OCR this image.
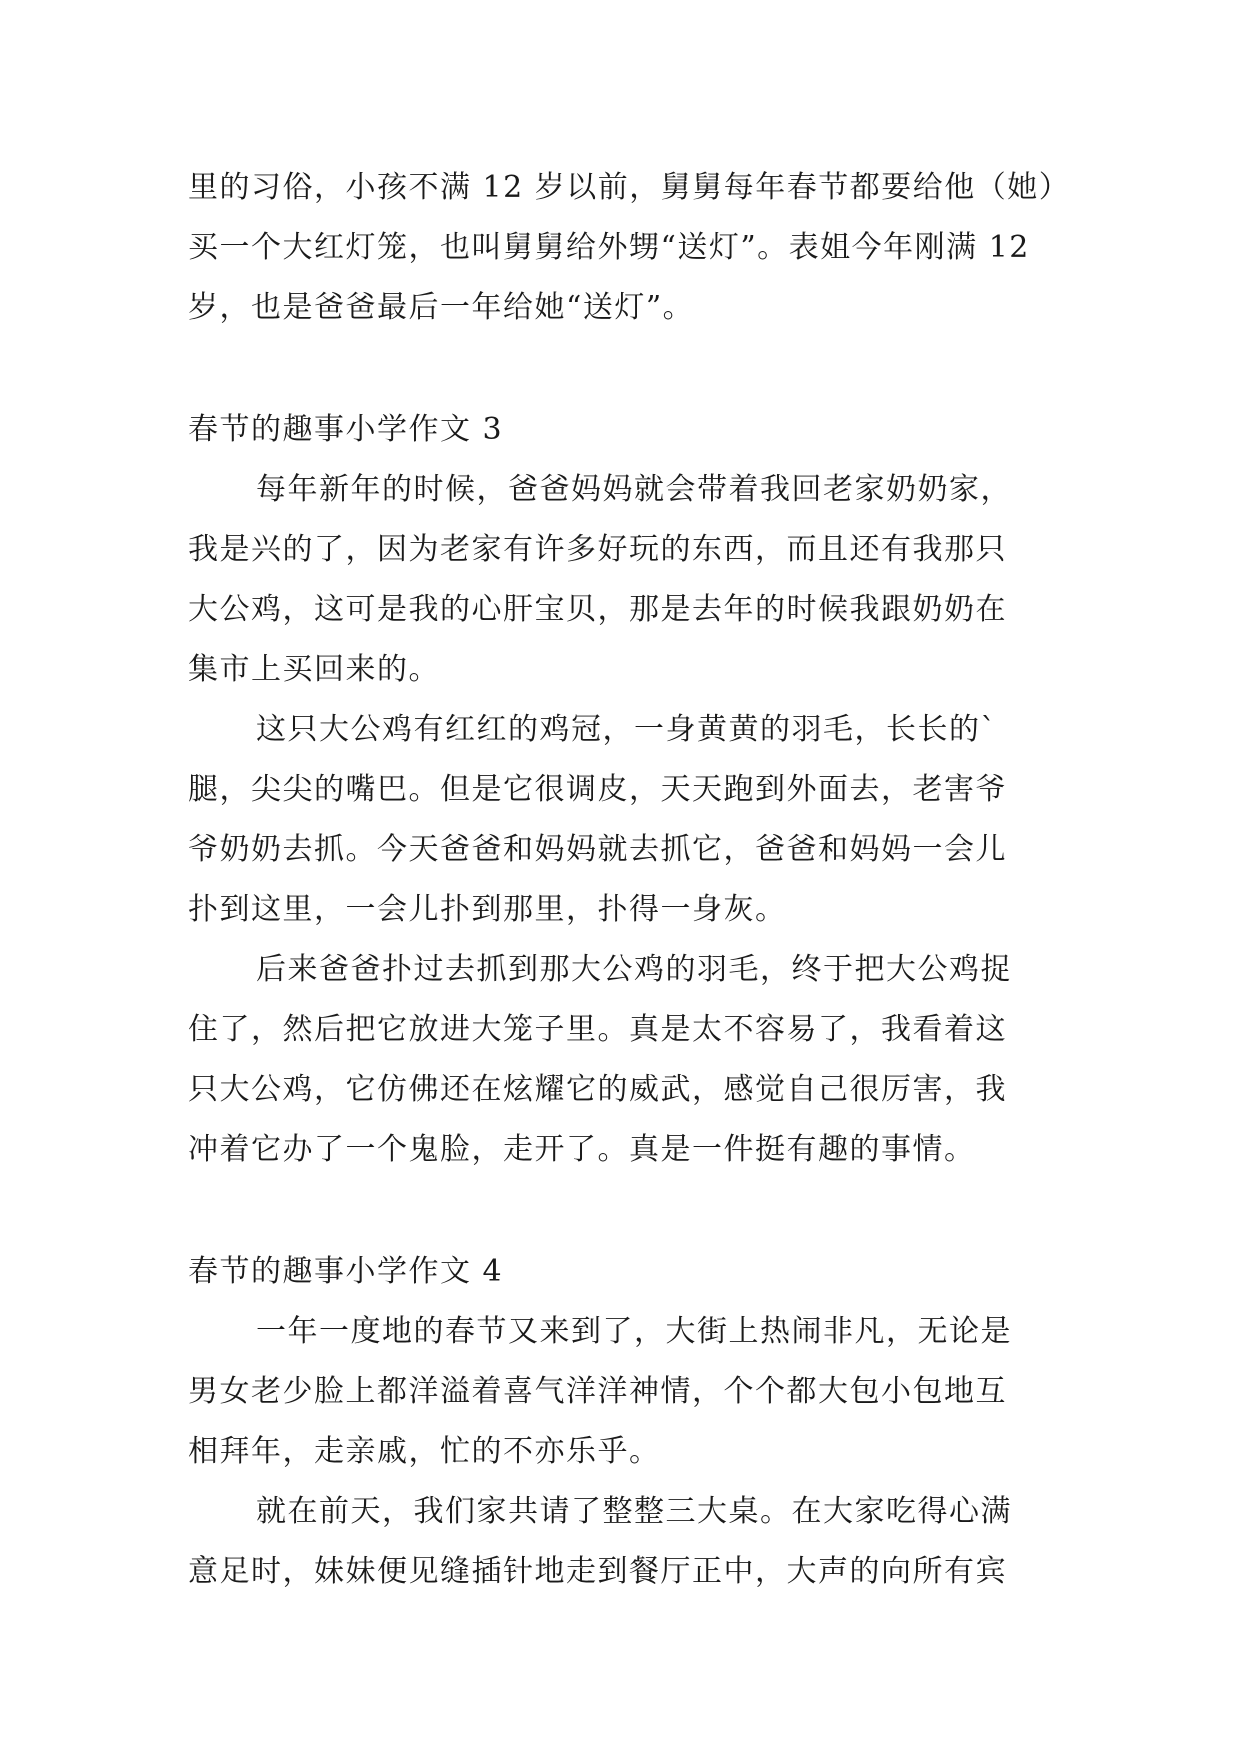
里的习俗，小孩不满 12 岁以前，舅舅每年春节都要给他（她）
买一个大红灯笼，也叫舅舅给外甥“送灯”。表姐今年刚满 12
岁，也是爸爸最后一年给她“送灯”。
春节的趣事小学作文 3
每年新年的时候，爸爸妈妈就会带着我回老家奶奶家，
我是兴的了，因为老家有许多好玩的东西，而且还有我那只
大公鸡，这可是我的心肝宝贝，那是去年的时候我跟奶奶在
集市上买回来的。
这只大公鸡有红红的鸡冠，一身黄黄的羽毛，长长的`
腿，尖尖的嘴巴。但是它很调皮，天天跑到外面去，老害爷
爷奶奶去抓。今天爸爸和妈妈就去抓它，爸爸和妈妈一会儿
扑到这里，一会儿扑到那里，扑得一身灰。
后来爸爸扑过去抓到那大公鸡的羽毛，终于把大公鸡捉
住了，然后把它放进大笼子里。真是太不容易了，我看着这
只大公鸡，它仿佛还在炫耀它的威武，感觉自己很厉害，我
冲着它办了一个鬼脸，走开了。真是一件挺有趣的事情。
春节的趣事小学作文 4
一年一度地的春节又来到了，大街上热闹非凡，无论是
男女老少脸上都洋溢着喜气洋洋神情，个个都大包小包地互
相拜年，走亲戚，忙的不亦乐乎。
就在前天，我们家共请了整整三大桌。在大家吃得心满
意足时，妹妹便见缝插针地走到餐厅正中，大声的向所有宾
